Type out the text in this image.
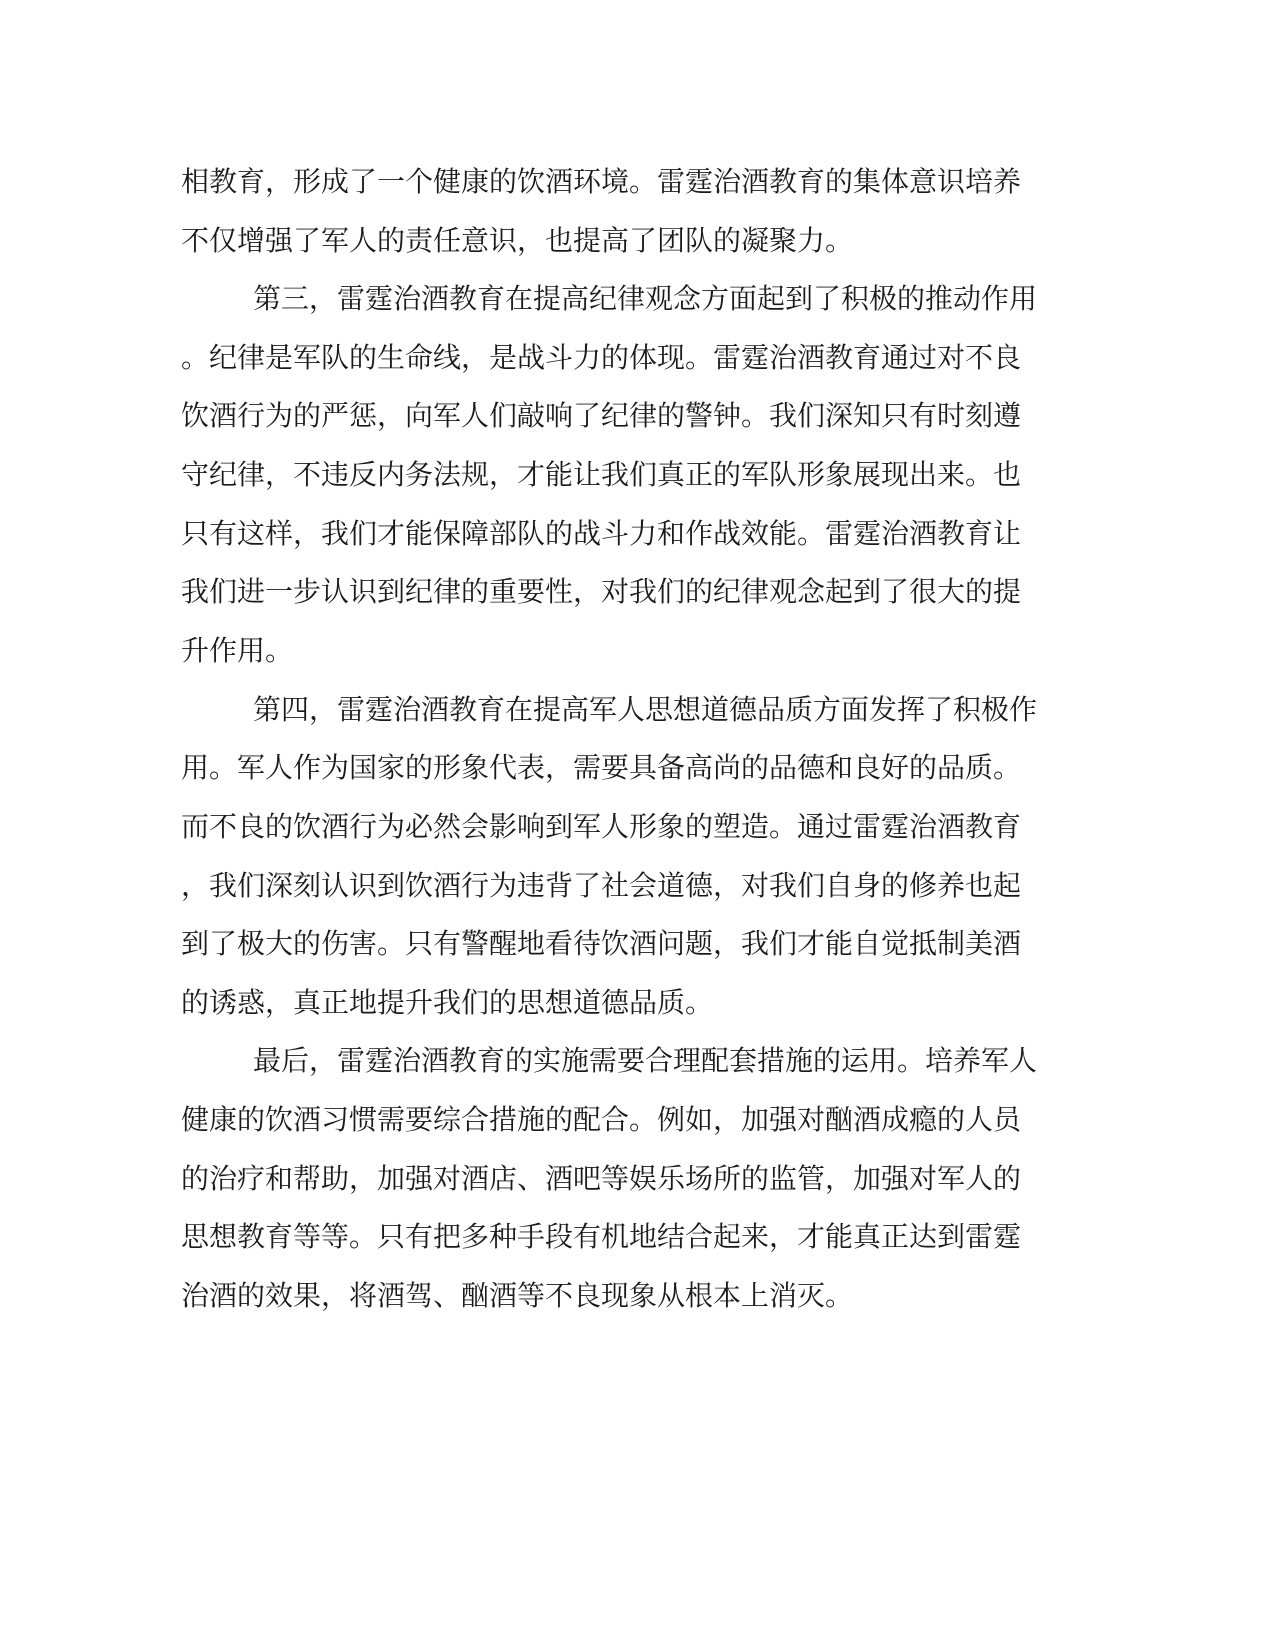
相教育，形成了一个健康的饮酒环境。雷霆治酒教育的集体意识培养

不仅增强了军人的责任意识，也提高了团队的凝聚力。

第三，雷霆治酒教育在提高纪律观念方面起到了积极的推动作用

。纪律是军队的生命线，是战斗力的体现。雷霆治酒教育通过对不良

饮酒行为的严惩，向军人们敲响了纪律的警钟。我们深知只有时刻遵

守纪律，不违反内务法规，才能让我们真正的军队形象展现出来。也

只有这样，我们才能保障部队的战斗力和作战效能。雷霆治酒教育让

我们进一步认识到纪律的重要性，对我们的纪律观念起到了很大的提

升作用。

第四，雷霆治酒教育在提高军人思想道德品质方面发挥了积极作

用。军人作为国家的形象代表，需要具备高尚的品德和良好的品质。

而不良的饮酒行为必然会影响到军人形象的塑造。通过雷霆治酒教育

，我们深刻认识到饮酒行为违背了社会道德，对我们自身的修养也起

到了极大的伤害。只有警醒地看待饮酒问题，我们才能自觉抵制美酒

的诱惑，真正地提升我们的思想道德品质。

最后，雷霆治酒教育的实施需要合理配套措施的运用。培养军人

健康的饮酒习惯需要综合措施的配合。例如，加强对酗酒成瘾的人员

的治疗和帮助，加强对酒店、酒吧等娱乐场所的监管，加强对军人的

思想教育等等。只有把多种手段有机地结合起来，才能真正达到雷霆

治酒的效果，将酒驾、酗酒等不良现象从根本上消灭。
